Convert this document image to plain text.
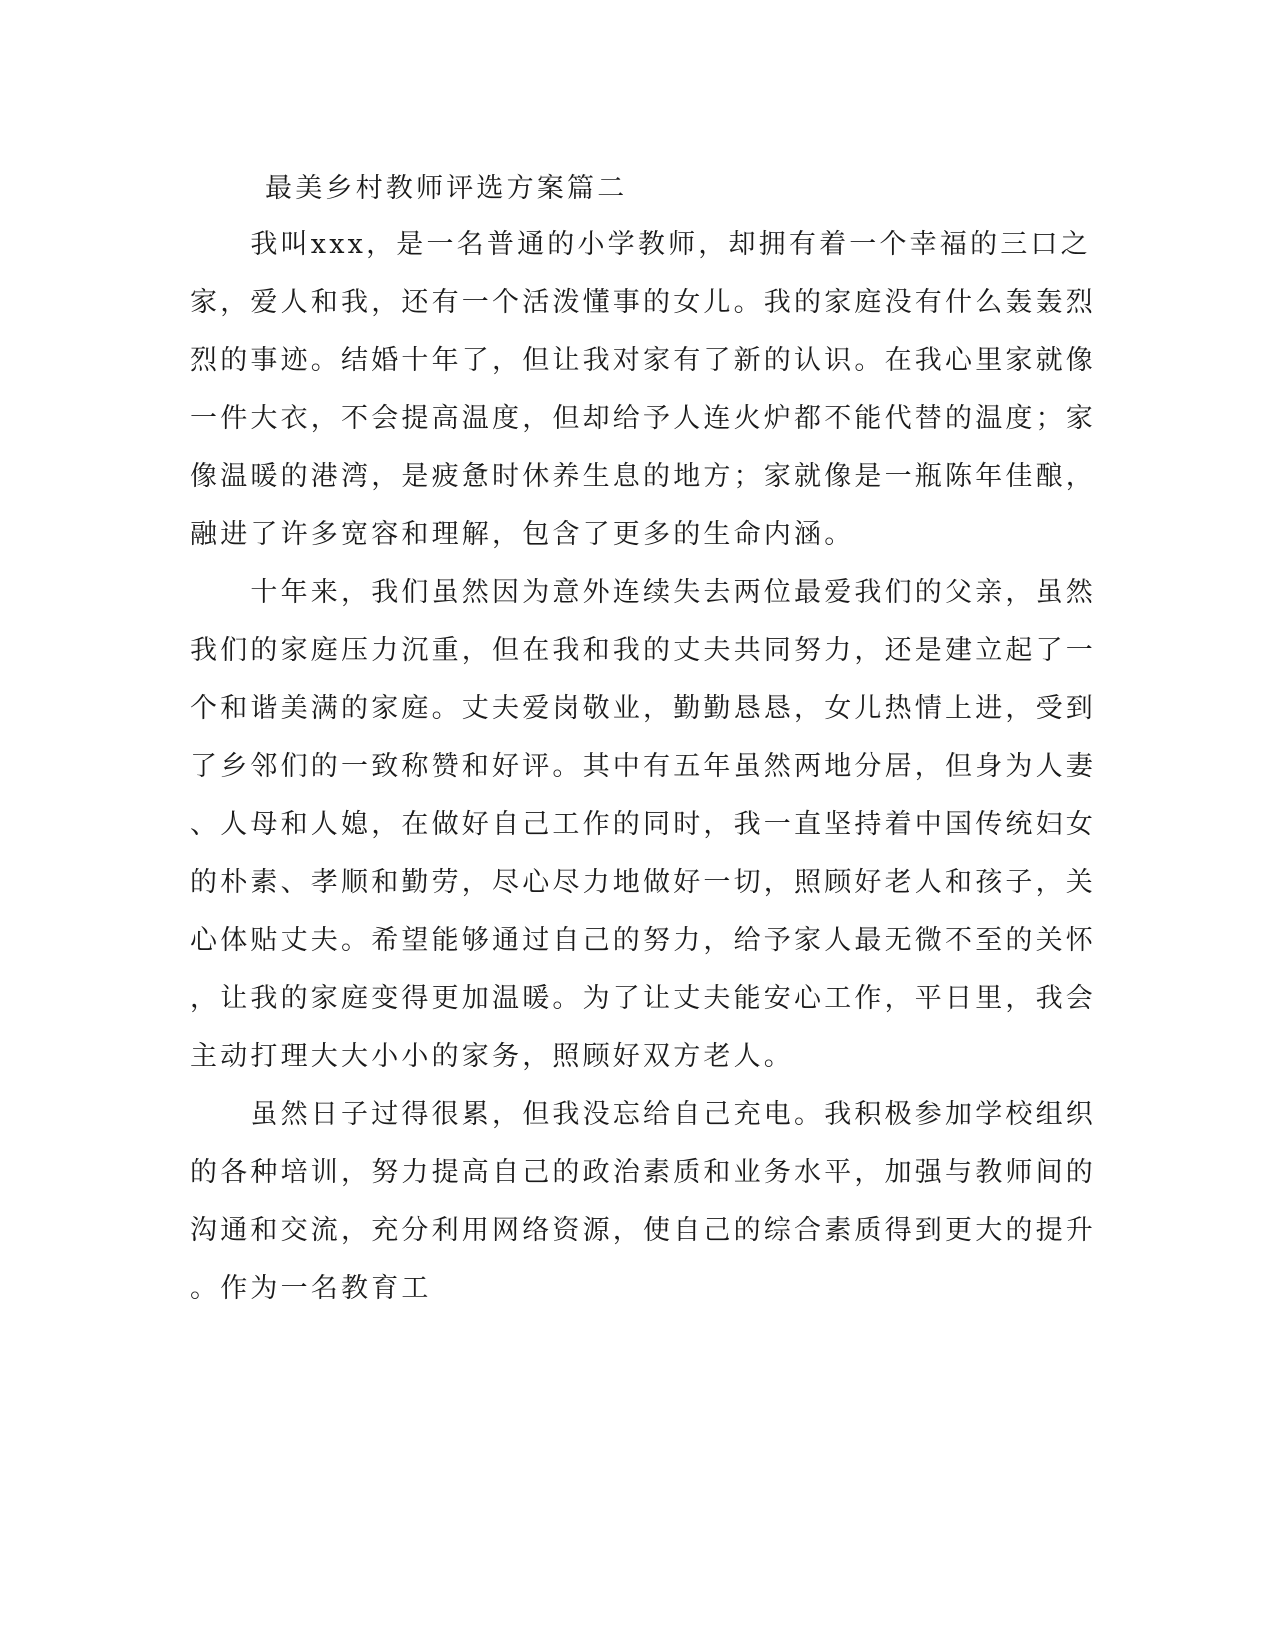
最美乡村教师评选方案篇二
　　我叫xxx，是一名普通的小学教师，却拥有着一个幸福的三口之
家，爱人和我，还有一个活泼懂事的女儿。我的家庭没有什么轰轰烈
烈的事迹。结婚十年了，但让我对家有了新的认识。在我心里家就像
一件大衣，不会提高温度，但却给予人连火炉都不能代替的温度；家
像温暖的港湾，是疲惫时休养生息的地方；家就像是一瓶陈年佳酿，
融进了许多宽容和理解，包含了更多的生命内涵。
　　十年来，我们虽然因为意外连续失去两位最爱我们的父亲，虽然
我们的家庭压力沉重，但在我和我的丈夫共同努力，还是建立起了一
个和谐美满的家庭。丈夫爱岗敬业，勤勤恳恳，女儿热情上进，受到
了乡邻们的一致称赞和好评。其中有五年虽然两地分居，但身为人妻
、人母和人媳，在做好自己工作的同时，我一直坚持着中国传统妇女
的朴素、孝顺和勤劳，尽心尽力地做好一切，照顾好老人和孩子，关
心体贴丈夫。希望能够通过自己的努力，给予家人最无微不至的关怀
，让我的家庭变得更加温暖。为了让丈夫能安心工作，平日里，我会
主动打理大大小小的家务，照顾好双方老人。
　　虽然日子过得很累，但我没忘给自己充电。我积极参加学校组织
的各种培训，努力提高自己的政治素质和业务水平，加强与教师间的
沟通和交流，充分利用网络资源，使自己的综合素质得到更大的提升
。作为一名教育工
